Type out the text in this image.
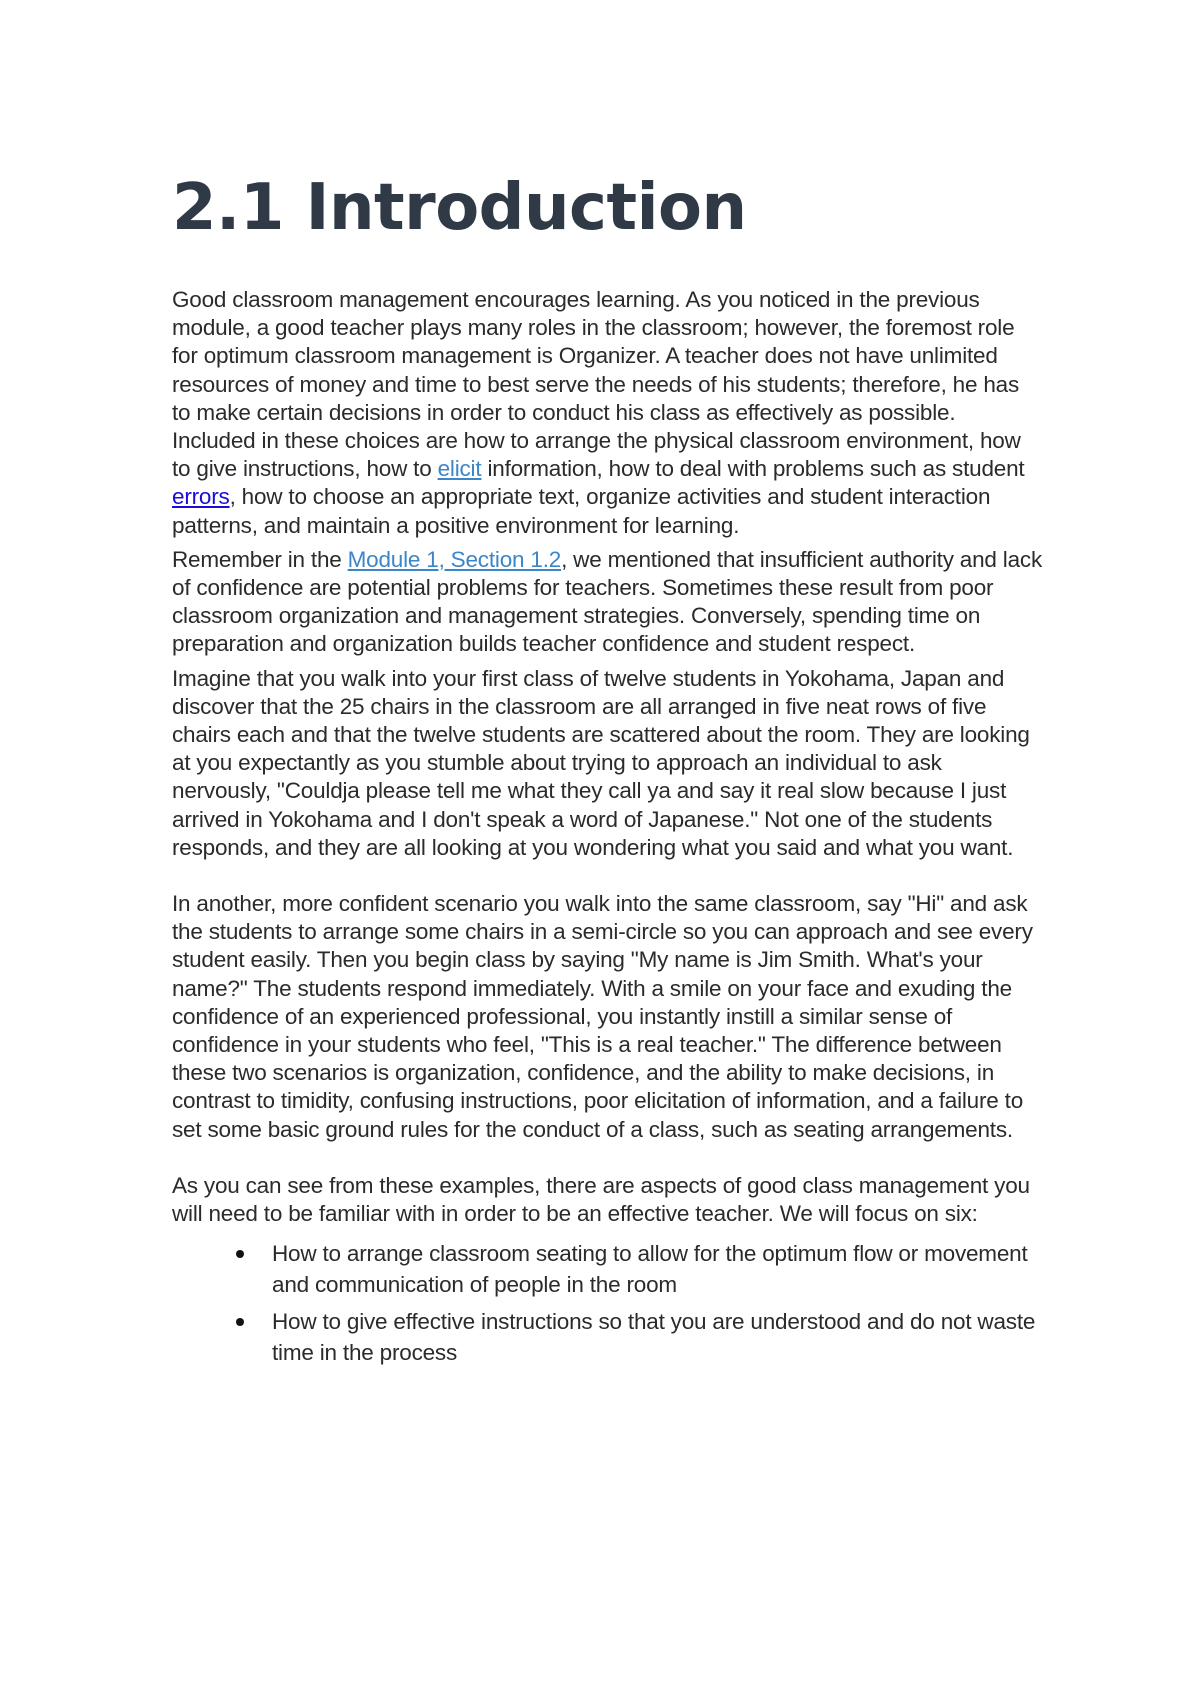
2.1 Introduction

Good classroom management encourages learning. As you noticed in the previous module, a good teacher plays many roles in the classroom; however, the foremost role for optimum classroom management is Organizer. A teacher does not have unlimited resources of money and time to best serve the needs of his students; therefore, he has to make certain decisions in order to conduct his class as effectively as possible. Included in these choices are how to arrange the physical classroom environment, how to give instructions, how to elicit information, how to deal with problems such as student errors, how to choose an appropriate text, organize activities and student interaction patterns, and maintain a positive environment for learning.

Remember in the Module 1, Section 1.2, we mentioned that insufficient authority and lack of confidence are potential problems for teachers. Sometimes these result from poor classroom organization and management strategies. Conversely, spending time on preparation and organization builds teacher confidence and student respect.

Imagine that you walk into your first class of twelve students in Yokohama, Japan and discover that the 25 chairs in the classroom are all arranged in five neat rows of five chairs each and that the twelve students are scattered about the room. They are looking at you expectantly as you stumble about trying to approach an individual to ask nervously, "Couldja please tell me what they call ya and say it real slow because I just arrived in Yokohama and I don't speak a word of Japanese." Not one of the students responds, and they are all looking at you wondering what you said and what you want.

In another, more confident scenario you walk into the same classroom, say "Hi" and ask the students to arrange some chairs in a semi-circle so you can approach and see every student easily. Then you begin class by saying "My name is Jim Smith. What's your name?" The students respond immediately. With a smile on your face and exuding the confidence of an experienced professional, you instantly instill a similar sense of confidence in your students who feel, "This is a real teacher." The difference between these two scenarios is organization, confidence, and the ability to make decisions, in contrast to timidity, confusing instructions, poor elicitation of information, and a failure to set some basic ground rules for the conduct of a class, such as seating arrangements.

As you can see from these examples, there are aspects of good class management you will need to be familiar with in order to be an effective teacher. We will focus on six:

How to arrange classroom seating to allow for the optimum flow or movement and communication of people in the room
How to give effective instructions so that you are understood and do not waste time in the process
